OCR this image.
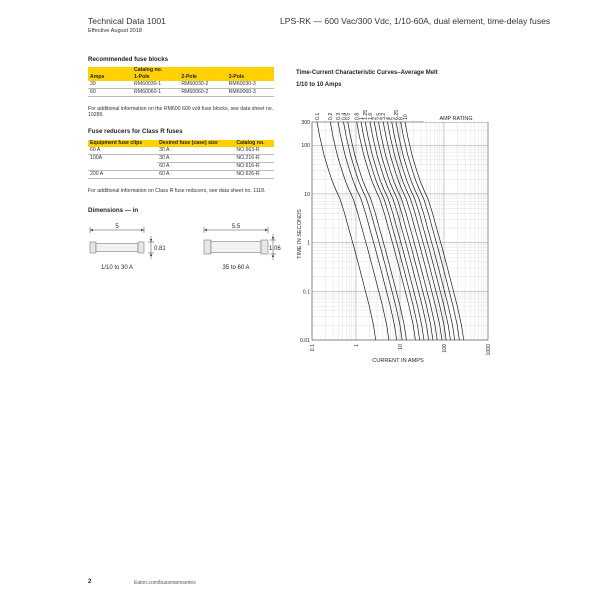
Technical Data 1001
Effective August 2018
LPS-RK — 600 Vac/300 Vdc, 1/10-60A, dual element, time-delay fuses
Recommended fuse blocks
	Catalog no.		
Amps	1-Pole	2-Pole	3-Pole
30	RM60030-1	RM60030-2	RM60030-3
60	RM60060-1	RM60060-2	RM60060-3
For additional information on the RM600 600 volt fuse blocks, see data sheet no. 10289.
Fuse reducers for Class R fuses
Equipment fuse clips	Desired fuse (case) size	Catalog no.
60 A	30 A	NO.663-R
100A	30 A	NO.216-R
	60 A	NO.616-R
200 A	60 A	NO.626-R
For additional information on Class R fuse reducers, see data sheet no. 1118.
Dimensions — in
5
0.81
1/10 to 30 A
5.5
1.06
35 to 60 A
Time-Current Characteristic Curves–Average Melt
1/10 to 10 Amps
0.1	1	10	100	1000
0.01
0.1
1
10
100
300
0.1 0.2 0.3 0.4
0.5 0.8
1
1.25
1.6
2
2.5
3.2
4
5
6.25
8
10	AMP RATING
CURRENT IN AMPS
TIME IN SECONDS
2	Eaton.com/bussmannseries
